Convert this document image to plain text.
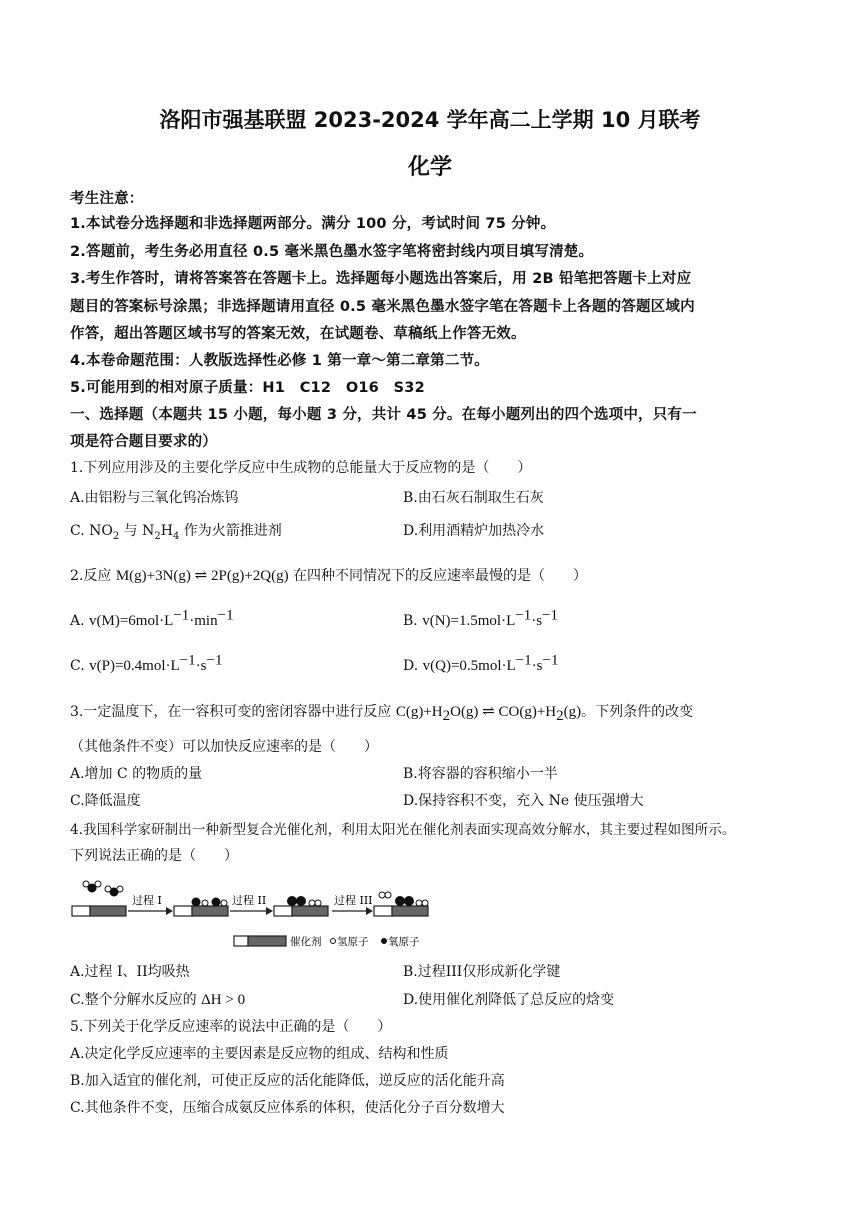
洛阳市强基联盟 2023-2024 学年高二上学期 10 月联考
化学
考生注意：
1.本试卷分选择题和非选择题两部分。满分 100 分，考试时间 75 分钟。
2.答题前，考生务必用直径 0.5 毫米黑色墨水签字笔将密封线内项目填写清楚。
3.考生作答时，请将答案答在答题卡上。选择题每小题选出答案后，用 2B 铅笔把答题卡上对应
题目的答案标号涂黑；非选择题请用直径 0.5 毫米黑色墨水签字笔在答题卡上各题的答题区域内
作答，超出答题区域书写的答案无效，在试题卷、草稿纸上作答无效。
4.本卷命题范围：人教版选择性必修 1 第一章～第二章第二节。
5.可能用到的相对原子质量：H1　C12　O16　S32
一、选择题（本题共 15 小题，每小题 3 分，共计 45 分。在每小题列出的四个选项中，只有一
项是符合题目要求的）
1.下列应用涉及的主要化学反应中生成物的总能量大于反应物的是（　　）
A.由铝粉与三氧化钨冶炼钨	B.由石灰石制取生石灰
C. $NO_2$ 与 $N_2H_4$ 作为火箭推进剂	D.利用酒精炉加热冷水
2.反应 M(g)+3N(g) ⇌ 2P(g)+2Q(g) 在四种不同情况下的反应速率最慢的是（　　）
A. $v(M)=6mol\cdot L^{-1}\cdot\min^{-1}$	B. $v(N)=1.5mol\cdot L^{-1}\cdot s^{-1}$
C. $v(P)=0.4mol\cdot L^{-1}\cdot s^{-1}$	D. $v(Q)=0.5mol\cdot L^{-1}\cdot s^{-1}$
3.一定温度下，在一容积可变的密闭容器中进行反应 $C(g)+H_2O(g)$ ⇌ $CO(g)+H_2(g)$。下列条件的改变
（其他条件不变）可以加快反应速率的是（　　）
A.增加 C 的物质的量	B.将容器的容积缩小一半
C.降低温度	D.保持容积不变，充入 Ne 使压强增大
4.我国科学家研制出一种新型复合光催化剂，利用太阳光在催化剂表面实现高效分解水，其主要过程如图所示。
下列说法正确的是（　　）
过程 I	过程 II	过程 III
催化剂 氢原子 氧原子
A.过程 I、II均吸热	B.过程III仅形成新化学键
C.整个分解水反应的 ΔH > 0	D.使用催化剂降低了总反应的焓变
5.下列关于化学反应速率的说法中正确的是（　　）
A.决定化学反应速率的主要因素是反应物的组成、结构和性质
B.加入适宜的催化剂，可使正反应的活化能降低，逆反应的活化能升高
C.其他条件不变，压缩合成氨反应体系的体积，使活化分子百分数增大
